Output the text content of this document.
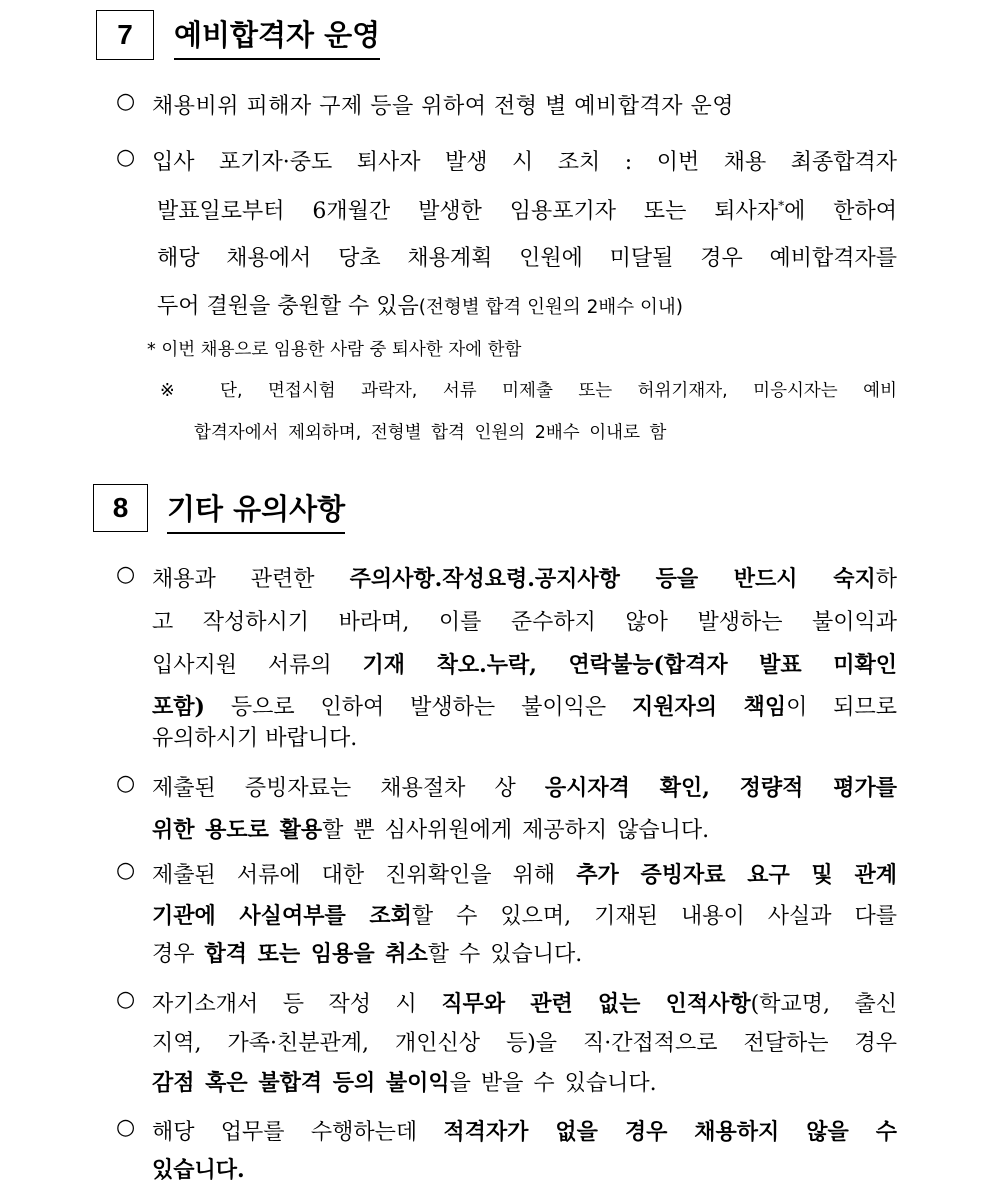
7 예비합격자 운영
○ 채용비위 피해자 구제 등을 위하여 전형 별 예비합격자 운영
○ 입사 포기자·중도 퇴사자 발생 시 조치 : 이번 채용 최종합격자
발표일로부터 6개월간 발생한 임용포기자 또는 퇴사자*에 한하여
해당 채용에서 당초 채용계획 인원에 미달될 경우 예비합격자를
두어 결원을 충원할 수 있음(전형별 합격 인원의 2배수 이내)
* 이번 채용으로 임용한 사람 중 퇴사한 자에 한함
※ 단, 면접시험 과락자, 서류 미제출 또는 허위기재자, 미응시자는 예비
합격자에서 제외하며, 전형별 합격 인원의 2배수 이내로 함
8 기타 유의사항
○ 채용과 관련한 주의사항.작성요령.공지사항 등을 반드시 숙지하
고 작성하시기 바라며, 이를 준수하지 않아 발생하는 불이익과
입사지원 서류의 기재 착오.누락, 연락불능(합격자 발표 미확인
포함) 등으로 인하여 발생하는 불이익은 지원자의 책임이 되므로
유의하시기 바랍니다.
○ 제출된 증빙자료는 채용절차 상 응시자격 확인, 정량적 평가를
위한 용도로 활용할 뿐 심사위원에게 제공하지 않습니다.
○ 제출된 서류에 대한 진위확인을 위해 추가 증빙자료 요구 및 관계
기관에 사실여부를 조회할 수 있으며, 기재된 내용이 사실과 다를
경우 합격 또는 임용을 취소할 수 있습니다.
○ 자기소개서 등 작성 시 직무와 관련 없는 인적사항(학교명, 출신
지역, 가족·친분관계, 개인신상 등)을 직·간접적으로 전달하는 경우
감점 혹은 불합격 등의 불이익을 받을 수 있습니다.
○ 해당 업무를 수행하는데 적격자가 없을 경우 채용하지 않을 수
있습니다.
